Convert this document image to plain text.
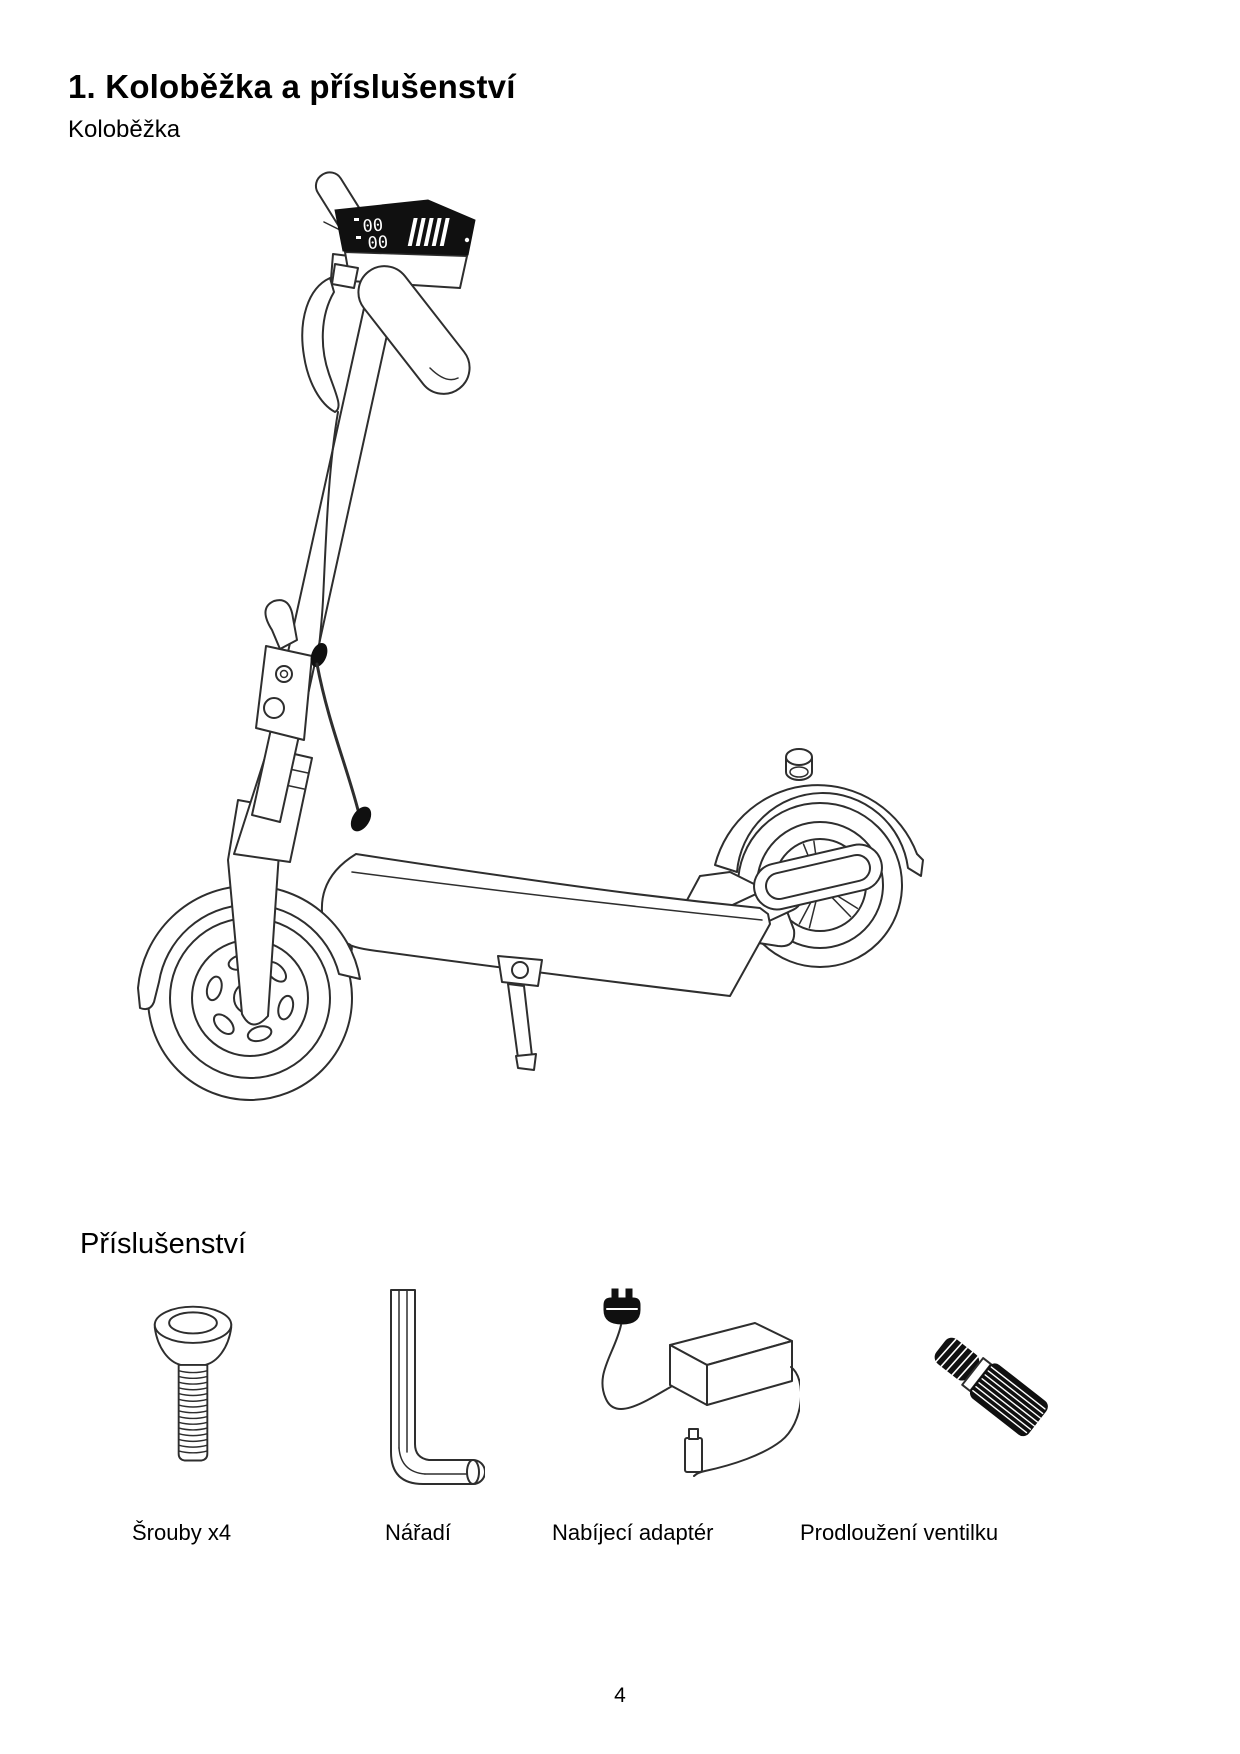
1. Koloběžka a příslušenství
Koloběžka
00
00
Příslušenství
Šrouby x4	Nářadí	Nabíjecí adaptér	Prodloužení ventilku
4
